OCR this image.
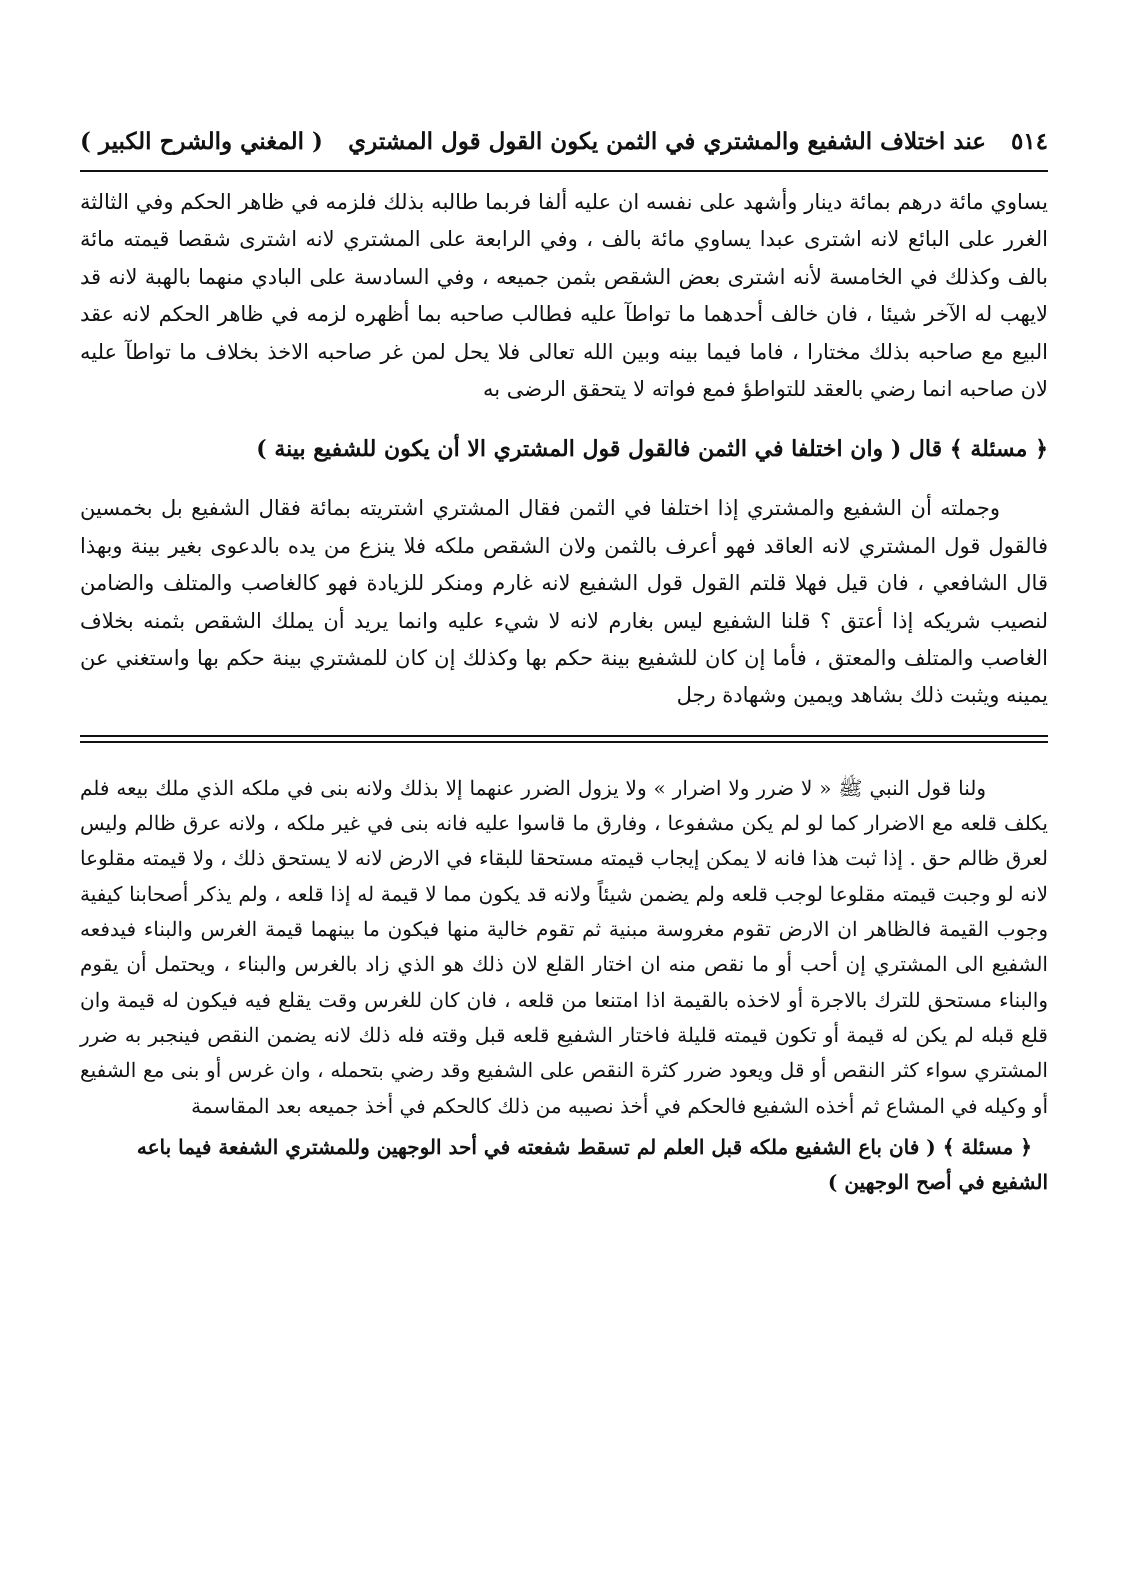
٥١٤
عند اختلاف الشفيع والمشتري في الثمن يكون القول قول المشتري
( المغني والشرح الكبير )
يساوي مائة درهم بمائة دينار وأشهد على نفسه ان عليه ألفا فربما طالبه بذلك فلزمه في ظاهر الحكم وفي الثالثة الغرر على البائع لانه اشترى عبدا يساوي مائة بالف ، وفي الرابعة على المشتري لانه اشترى شقصا قيمته مائة بالف وكذلك في الخامسة لأنه اشترى بعض الشقص بثمن جميعه ، وفي السادسة على البادي منهما بالهبة لانه قد لايهب له الآخر شيئا ، فان خالف أحدهما ما تواطآ عليه فطالب صاحبه بما أظهره لزمه في ظاهر الحكم لانه عقد البيع مع صاحبه بذلك مختارا ، فاما فيما بينه وبين الله تعالى فلا يحل لمن غر صاحبه الاخذ بخلاف ما تواطآ عليه لان صاحبه انما رضي بالعقد للتواطؤ فمع فواته لا يتحقق الرضى به
﴿ مسئلة ﴾ قال ( وان اختلفا في الثمن فالقول قول المشتري الا أن يكون للشفيع بينة )
وجملته أن الشفيع والمشتري إذا اختلفا في الثمن فقال المشتري اشتريته بمائة فقال الشفيع بل بخمسين فالقول قول المشتري لانه العاقد فهو أعرف بالثمن ولان الشقص ملكه فلا ينزع من يده بالدعوى بغير بينة وبهذا قال الشافعي ، فان قيل فهلا قلتم القول قول الشفيع لانه غارم ومنكر للزيادة فهو كالغاصب والمتلف والضامن لنصيب شريكه إذا أعتق ؟ قلنا الشفيع ليس بغارم لانه لا شيء عليه وانما يريد أن يملك الشقص بثمنه بخلاف الغاصب والمتلف والمعتق ، فأما إن كان للشفيع بينة حكم بها وكذلك إن كان للمشتري بينة حكم بها واستغني عن يمينه ويثبت ذلك بشاهد ويمين وشهادة رجل
ولنا قول النبي ﷺ « لا ضرر ولا اضرار » ولا يزول الضرر عنهما إلا بذلك ولانه بنى في ملكه الذي ملك بيعه فلم يكلف قلعه مع الاضرار كما لو لم يكن مشفوعا ، وفارق ما قاسوا عليه فانه بنى في غير ملكه ، ولانه عرق ظالم وليس لعرق ظالم حق . إذا ثبت هذا فانه لا يمكن إيجاب قيمته مستحقا للبقاء في الارض لانه لا يستحق ذلك ، ولا قيمته مقلوعا لانه لو وجبت قيمته مقلوعا لوجب قلعه ولم يضمن شيئاً ولانه قد يكون مما لا قيمة له إذا قلعه ، ولم يذكر أصحابنا كيفية وجوب القيمة فالظاهر ان الارض تقوم مغروسة مبنية ثم تقوم خالية منها فيكون ما بينهما قيمة الغرس والبناء فيدفعه الشفيع الى المشتري إن أحب أو ما نقص منه ان اختار القلع لان ذلك هو الذي زاد بالغرس والبناء ، ويحتمل أن يقوم والبناء مستحق للترك بالاجرة أو لاخذه بالقيمة اذا امتنعا من قلعه ، فان كان للغرس وقت يقلع فيه فيكون له قيمة وان قلع قبله لم يكن له قيمة أو تكون قيمته قليلة فاختار الشفيع قلعه قبل وقته فله ذلك لانه يضمن النقص فينجبر به ضرر المشتري سواء كثر النقص أو قل ويعود ضرر كثرة النقص على الشفيع وقد رضي بتحمله ، وان غرس أو بنى مع الشفيع أو وكيله في المشاع ثم أخذه الشفيع فالحكم في أخذ نصيبه من ذلك كالحكم في أخذ جميعه بعد المقاسمة
﴿ مسئلة ﴾ ( فان باع الشفيع ملكه قبل العلم لم تسقط شفعته في أحد الوجهين وللمشتري الشفعة فيما باعه الشفيع في أصح الوجهين )
